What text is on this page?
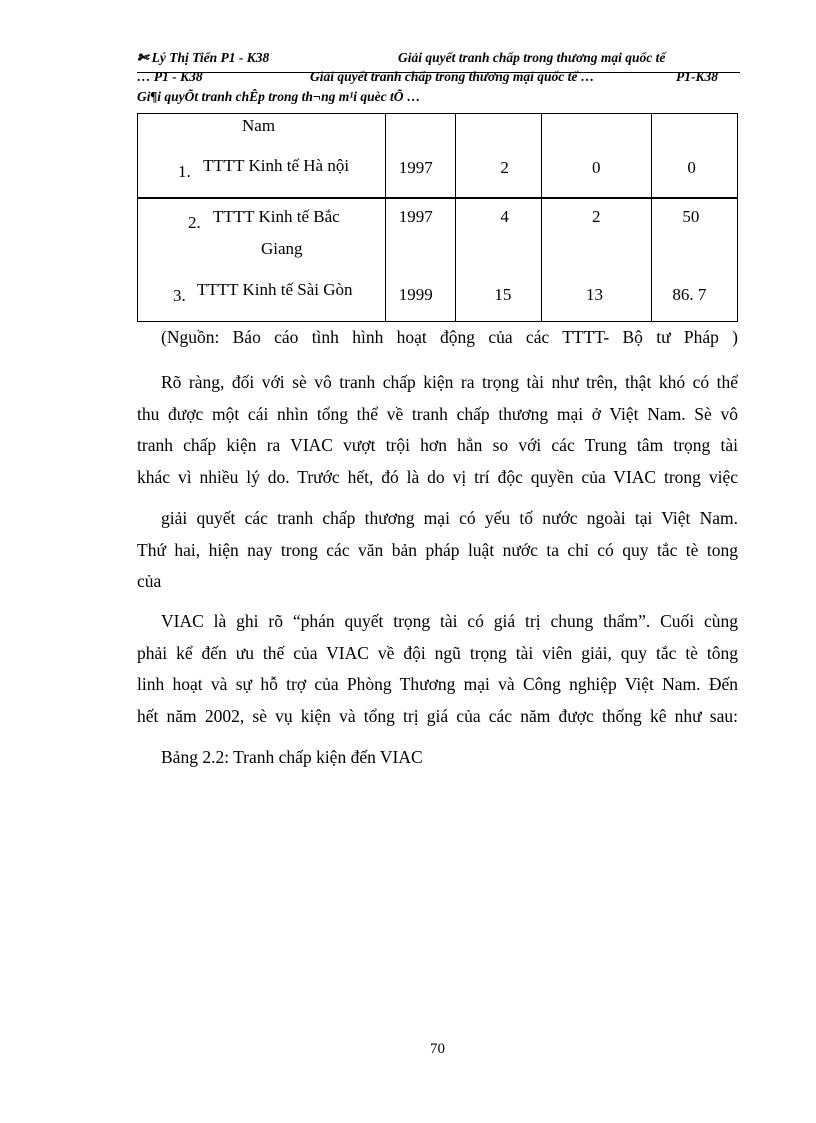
✄ Lý Thị Tiến P1 - K38	Giải quyết tranh chấp trong thương mại quốc tế
… P1 - K38	Giải quyết tranh chấp trong thương mại quốc tế …	P1-K38
Gi¶i quyÕt tranh chÊp trong th¬ng m¹i quèc tÕ …
Nam
1. TTTT Kinh tế Hà nội	1997	2	0	0

2. TTTT Kinh tế Bắc
Giang	1997	4	2	50

3. TTTT Kinh tế Sài Gòn	1999	15	13	86. 7
(Nguồn: Báo cáo tình hình hoạt động của các TTTT- Bộ tư Pháp )
Rõ ràng, đối với sè vô tranh chấp kiện ra trọng tài như trên, thật khó có thể
thu được một cái nhìn tổng thể về tranh chấp thương mại ở Việt Nam. Sè vô
tranh chấp kiện ra VIAC vượt trội hơn hẳn so với các Trung tâm trọng tài
khác vì nhiều lý do. Trước hết, đó là do vị trí độc quyền của VIAC trong việc
giải quyết các tranh chấp thương mại có yếu tố nước ngoài tại Việt Nam.
Thứ hai, hiện nay trong các văn bản pháp luật nước ta chỉ có quy tắc tè tong
của
VIAC là ghi rõ “phán quyết trọng tài có giá trị chung thẩm”. Cuối cùng
phải kể đến ưu thế của VIAC về đội ngũ trọng tài viên giải, quy tắc tè tông
linh hoạt và sự hỗ trợ của Phòng Thương mại và Công nghiệp Việt Nam. Đến
hết năm 2002, sè vụ kiện và tổng trị giá của các năm được thống kê như sau:
Bảng 2.2: Tranh chấp kiện đến VIAC
70
